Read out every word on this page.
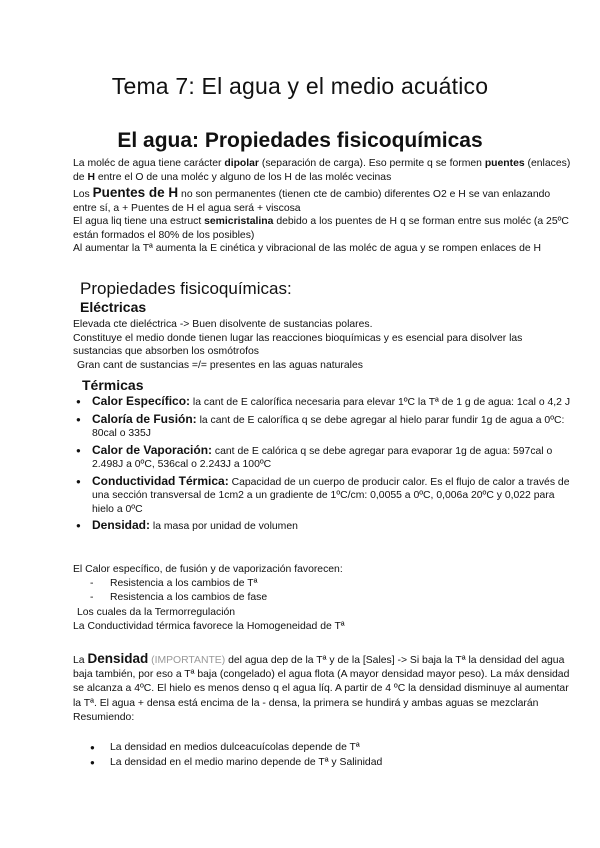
Tema 7: El agua y el medio acuático
El agua: Propiedades fisicoquímicas

La moléc de agua tiene carácter dipolar (separación de carga). Eso permite q se formen puentes (enlaces) de H entre el O de una moléc y alguno de los H de las moléc vecinas

Los Puentes de H no son permanentes (tienen cte de cambio) diferentes O2 e H se van enlazando entre sí, a + Puentes de H el agua será + viscosa

El agua liq tiene una estruct semicristalina debido a los puentes de H q se forman entre sus moléc (a 25ºC están formados el 80% de los posibles)

Al aumentar la Tª aumenta la E cinética y vibracional de las moléc de agua y se rompen enlaces de H

Propiedades fisicoquímicas:
Eléctricas

Elevada cte dieléctrica -> Buen disolvente de sustancias polares.

Constituye el medio donde tienen lugar las reacciones bioquímicas y es esencial para disolver las sustancias que absorben los osmótrofos

Gran cant de sustancias =/= presentes en las aguas naturales

Térmicas
● Calor Específico: la cant de E calorífica necesaria para elevar 1ºC la Tª de 1 g de agua: 1cal o 4,2 J
● Caloría de Fusión: la cant de E calorífica q se debe agregar al hielo parar fundir 1g de agua a 0ºC: 80cal o 335J
● Calor de Vaporación: cant de E calórica q se debe agregar para evaporar 1g de agua: 597cal o 2.498J a 0ºC, 536cal o 2.243J a 100ºC
● Conductividad Térmica: Capacidad de un cuerpo de producir calor. Es el flujo de calor a través de una sección transversal de 1cm2 a un gradiente de 1ºC/cm: 0,0055 a 0ºC, 0,006a 20ºC y 0,022 para hielo a 0ºC
● Densidad: la masa por unidad de volumen
El Calor específico, de fusión y de vaporización favorecen:
- Resistencia a los cambios de Tª
- Resistencia a los cambios de fase

Los cuales da la Termorregulación

La Conductividad térmica favorece la Homogeneidad de Tª

La Densidad (IMPORTANTE) del agua dep de la Tª y de la [Sales] -> Si baja la Tª la densidad del agua baja también, por eso a Tª baja (congelado) el agua flota (A mayor densidad mayor peso). La máx densidad se alcanza a 4ºC. El hielo es menos denso q el agua líq. A partir de 4 ºC la densidad disminuye al aumentar la Tª. El agua + densa está encima de la - densa, la primera se hundirá y ambas aguas se mezclarán

Resumiendo:

● La densidad en medios dulceacuícolas depende de Tª
● La densidad en el medio marino depende de Tª y Salinidad
